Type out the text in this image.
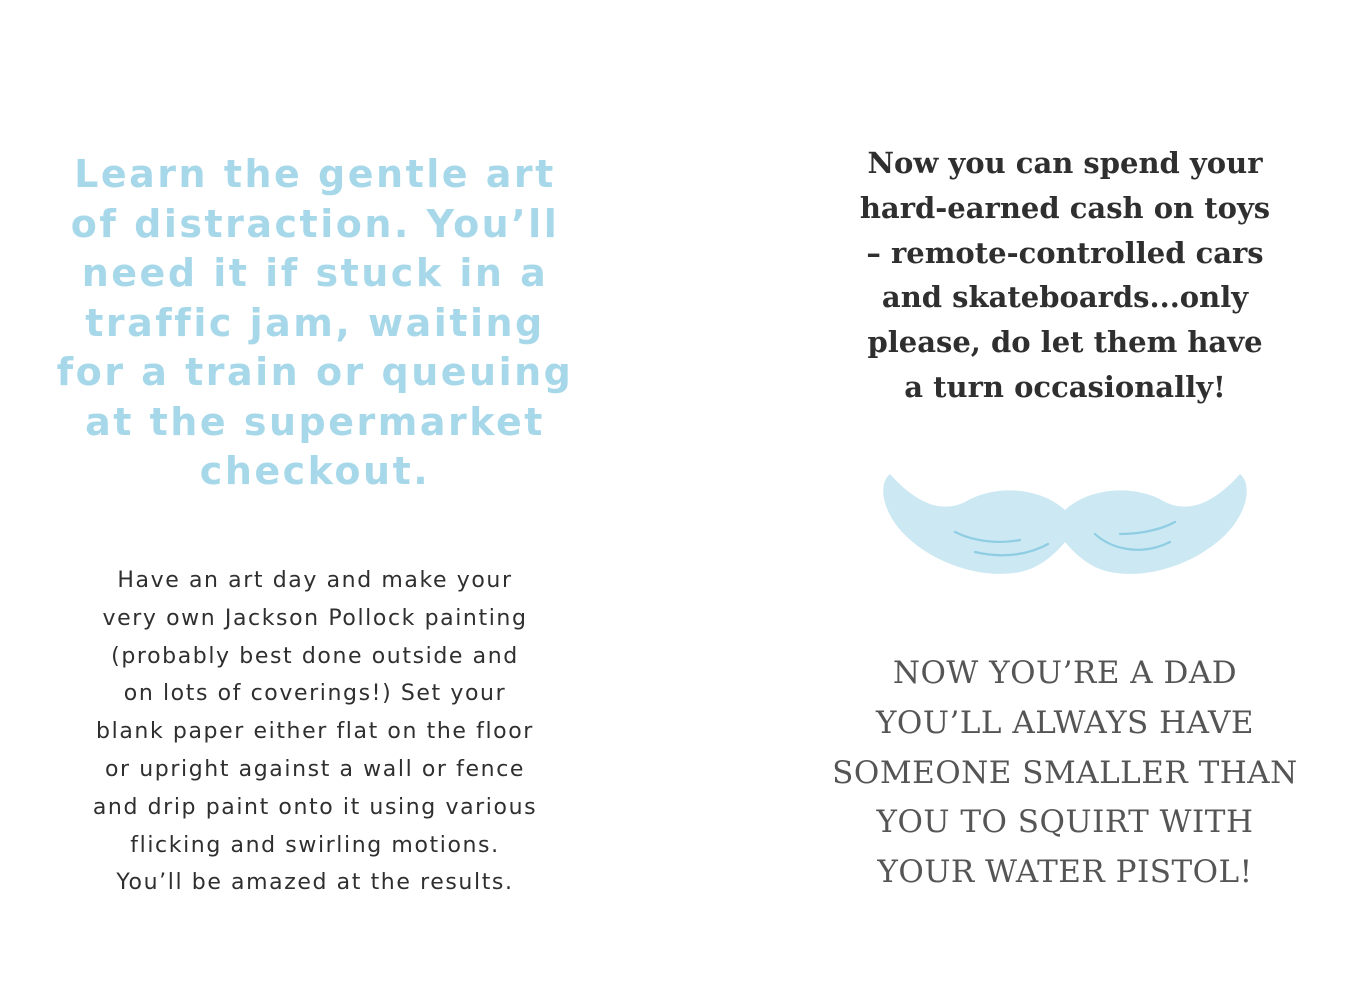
Learn the gentle art
of distraction. You’ll
need it if stuck in a
traffic jam, waiting
for a train or queuing
at the supermarket
checkout.

Have an art day and make your
very own Jackson Pollock painting
(probably best done outside and
on lots of coverings!) Set your
blank paper either flat on the floor
or upright against a wall or fence
and drip paint onto it using various
flicking and swirling motions.
You’ll be amazed at the results.

Now you can spend your
hard-earned cash on toys
– remote-controlled cars
and skateboards...only
please, do let them have
a turn occasionally!

NOW YOU’RE A DAD
YOU’LL ALWAYS HAVE
SOMEONE SMALLER THAN
YOU TO SQUIRT WITH
YOUR WATER PISTOL!
